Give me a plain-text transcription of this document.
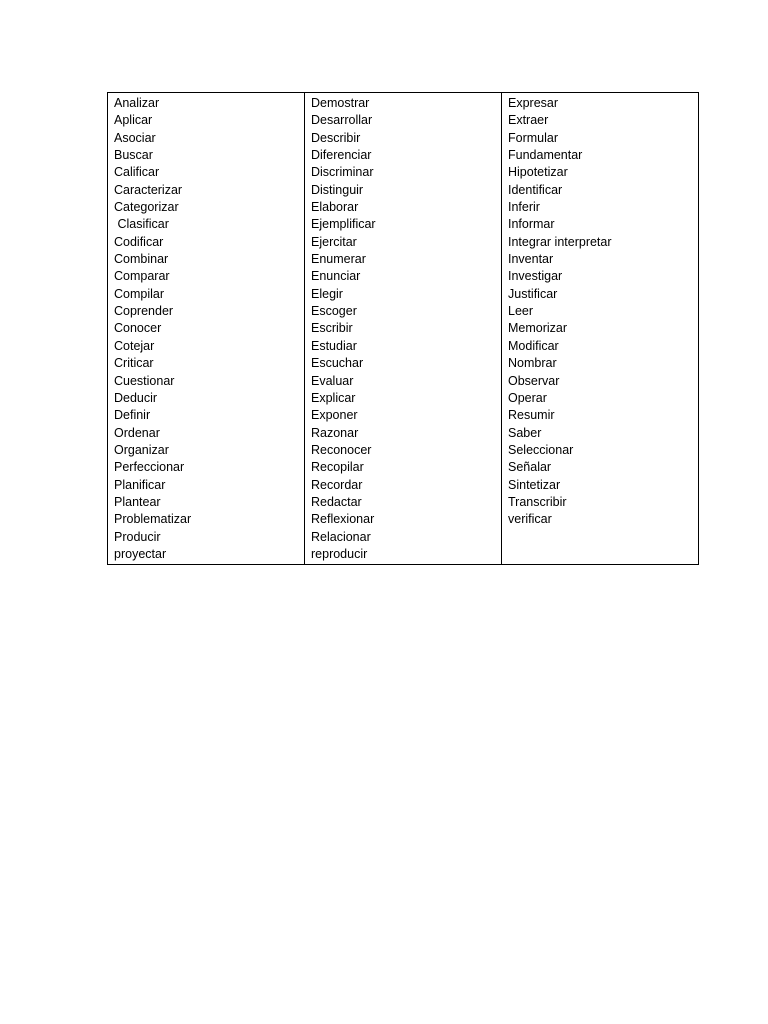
Analizar
Aplicar
Asociar
Buscar
Calificar
Caracterizar
Categorizar
Clasificar
Codificar
Combinar
Comparar
Compilar
Coprender
Conocer
Cotejar
Criticar
Cuestionar
Deducir
Definir
Ordenar
Organizar
Perfeccionar
Planificar
Plantear
Problematizar
Producir
proyectar

Demostrar
Desarrollar
Describir
Diferenciar
Discriminar
Distinguir
Elaborar
Ejemplificar
Ejercitar
Enumerar
Enunciar
Elegir
Escoger
Escribir
Estudiar
Escuchar
Evaluar
Explicar
Exponer
Razonar
Reconocer
Recopilar
Recordar
Redactar
Reflexionar
Relacionar
reproducir

Expresar
Extraer
Formular
Fundamentar
Hipotetizar
Identificar
Inferir
Informar
Integrar interpretar
Inventar
Investigar
Justificar
Leer
Memorizar
Modificar
Nombrar
Observar
Operar
Resumir
Saber
Seleccionar
Señalar
Sintetizar
Transcribir
verificar
